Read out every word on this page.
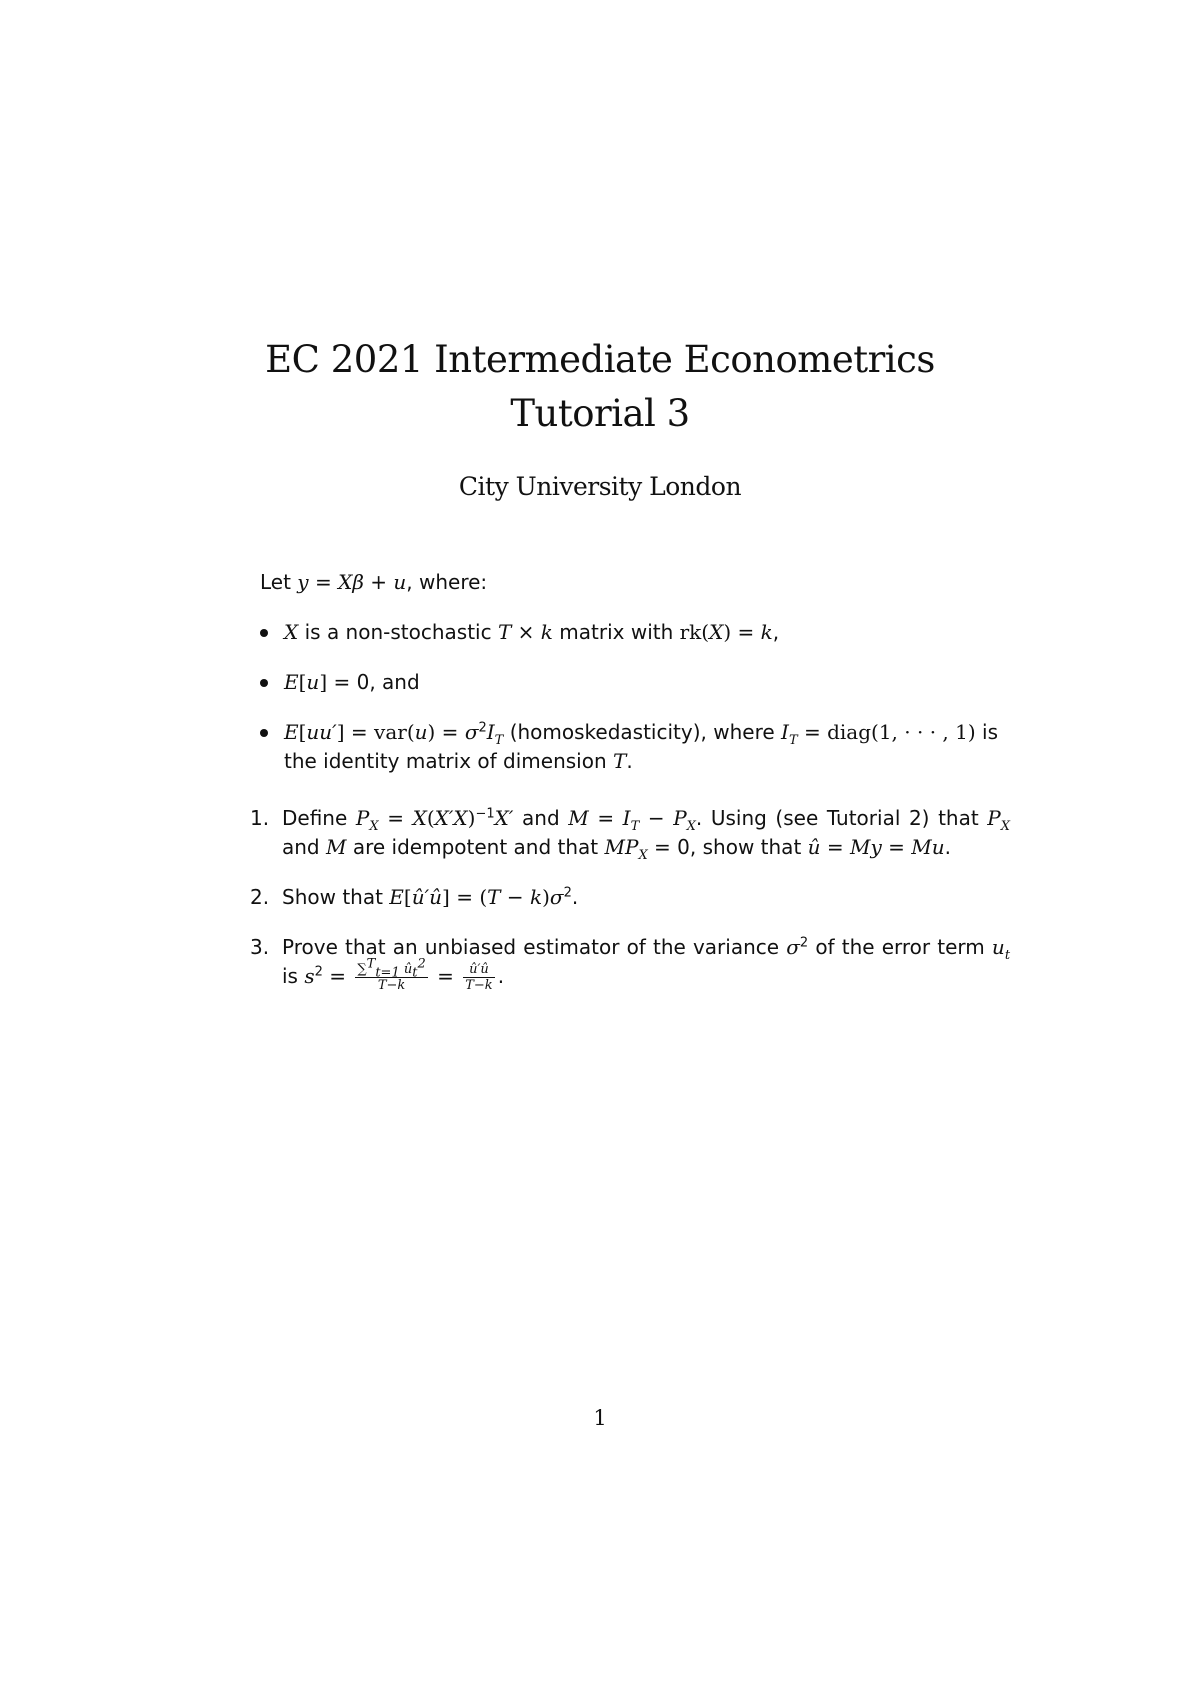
EC 2021 Intermediate Econometrics
Tutorial 3
City University London
Let y = Xβ + u, where:
X is a non-stochastic T × k matrix with rk(X) = k,
E[u] = 0, and
$E[uu'] = var(u) = \sigma^2I_T$ (homoskedasticity), where $I_T$ = diag(1, · · · , 1) is the identity matrix of dimension T.
1. Define $P_X = X(X'X)^{-1}X'$ and $M = I_T - P_X$. Using (see Tutorial 2) that $P_X$ and M are idempotent and that $MP_X = 0$, show that û = My = Mu.
2. Show that E[û′û] = $(T - k)\sigma^2$.
3. Prove that an unbiased estimator of the variance $\sigma^2$ of the error term $u_t$ is $s^2 = \frac{\sum^T_{t=1} û_t^2}{T-k} = \frac{û'û}{T-k}$ .
1
